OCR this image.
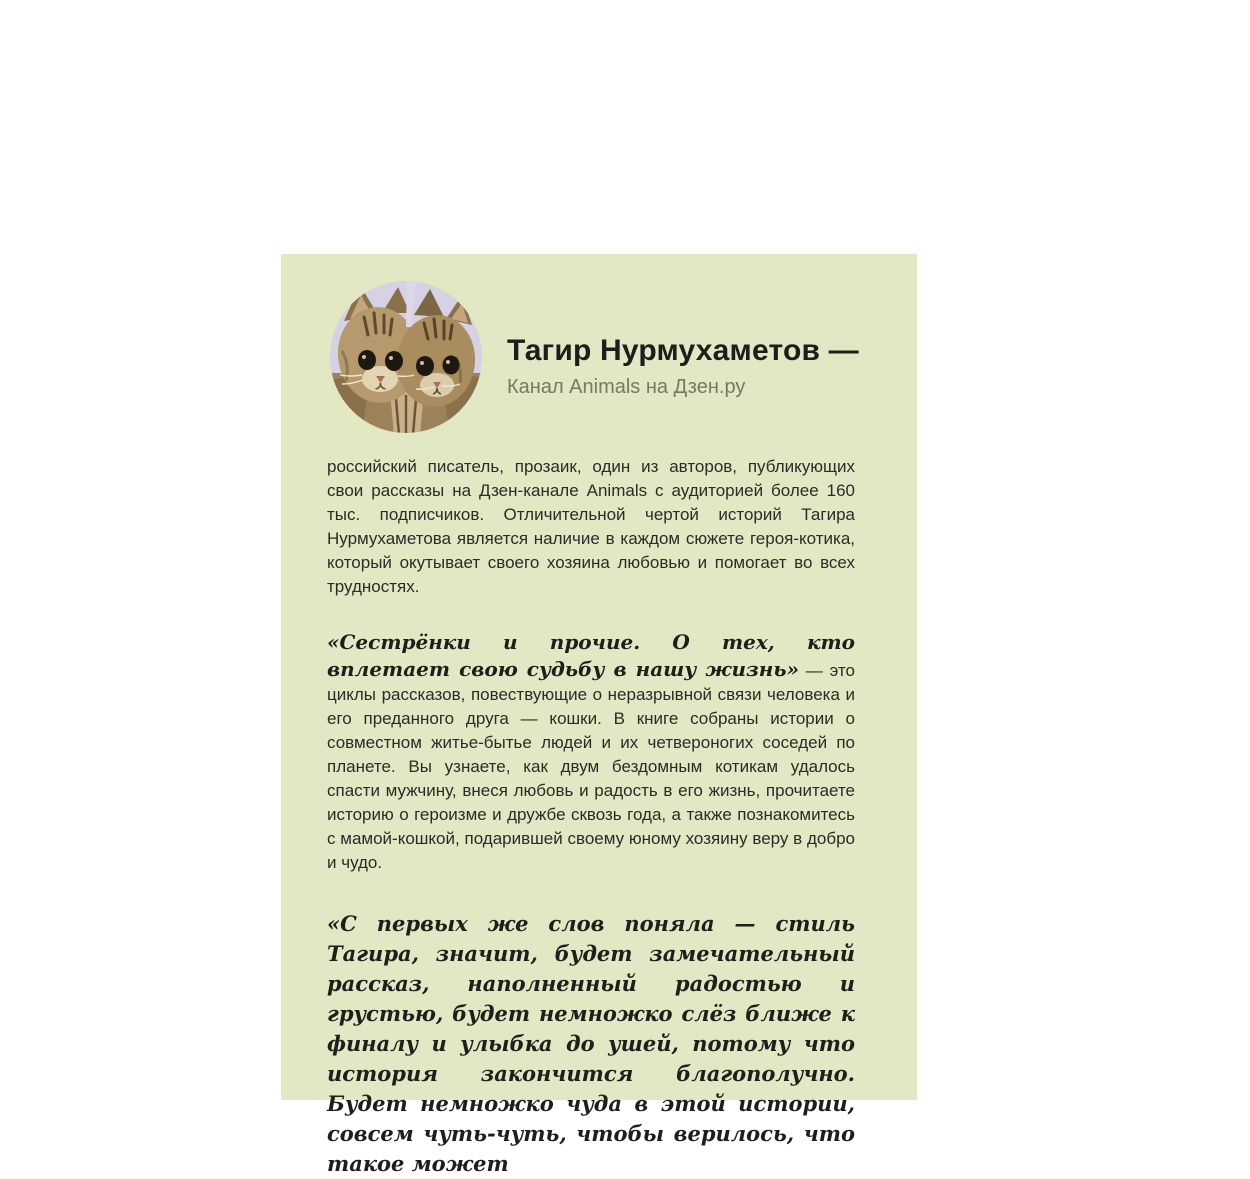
Тагир Нурмухаметов —
Канал Animals на Дзен.ру

российский писатель, прозаик, один из авторов, публикующих свои рассказы на Дзен-канале Animals с аудиторией более 160 тыс. подписчиков. Отличительной чертой историй Тагира Нурмухаметова является наличие в каждом сюжете героя-котика, который окутывает своего хозяина любовью и помогает во всех трудностях.

«Сестрёнки и прочие. О тех, кто вплетает свою судьбу в нашу жизнь» — это циклы рассказов, повествующие о неразрывной связи человека и его преданного друга — кошки. В книге собраны истории о совместном житье-бытье людей и их четвероногих соседей по планете. Вы узнаете, как двум бездомным котикам удалось спасти мужчину, внеся любовь и радость в его жизнь, прочитаете историю о героизме и дружбе сквозь года, а также познакомитесь с мамой-кошкой, подарившей своему юному хозяину веру в добро и чудо.

«С первых же слов поняла — стиль Тагира, значит, будет замечательный рассказ, наполненный радостью и грустью, будет немножко слёз ближе к финалу и улыбка до ушей, потому что история закончится благополучно. Будет немножко чуда в этой истории, совсем чуть-чуть, чтобы верилось, что такое может
